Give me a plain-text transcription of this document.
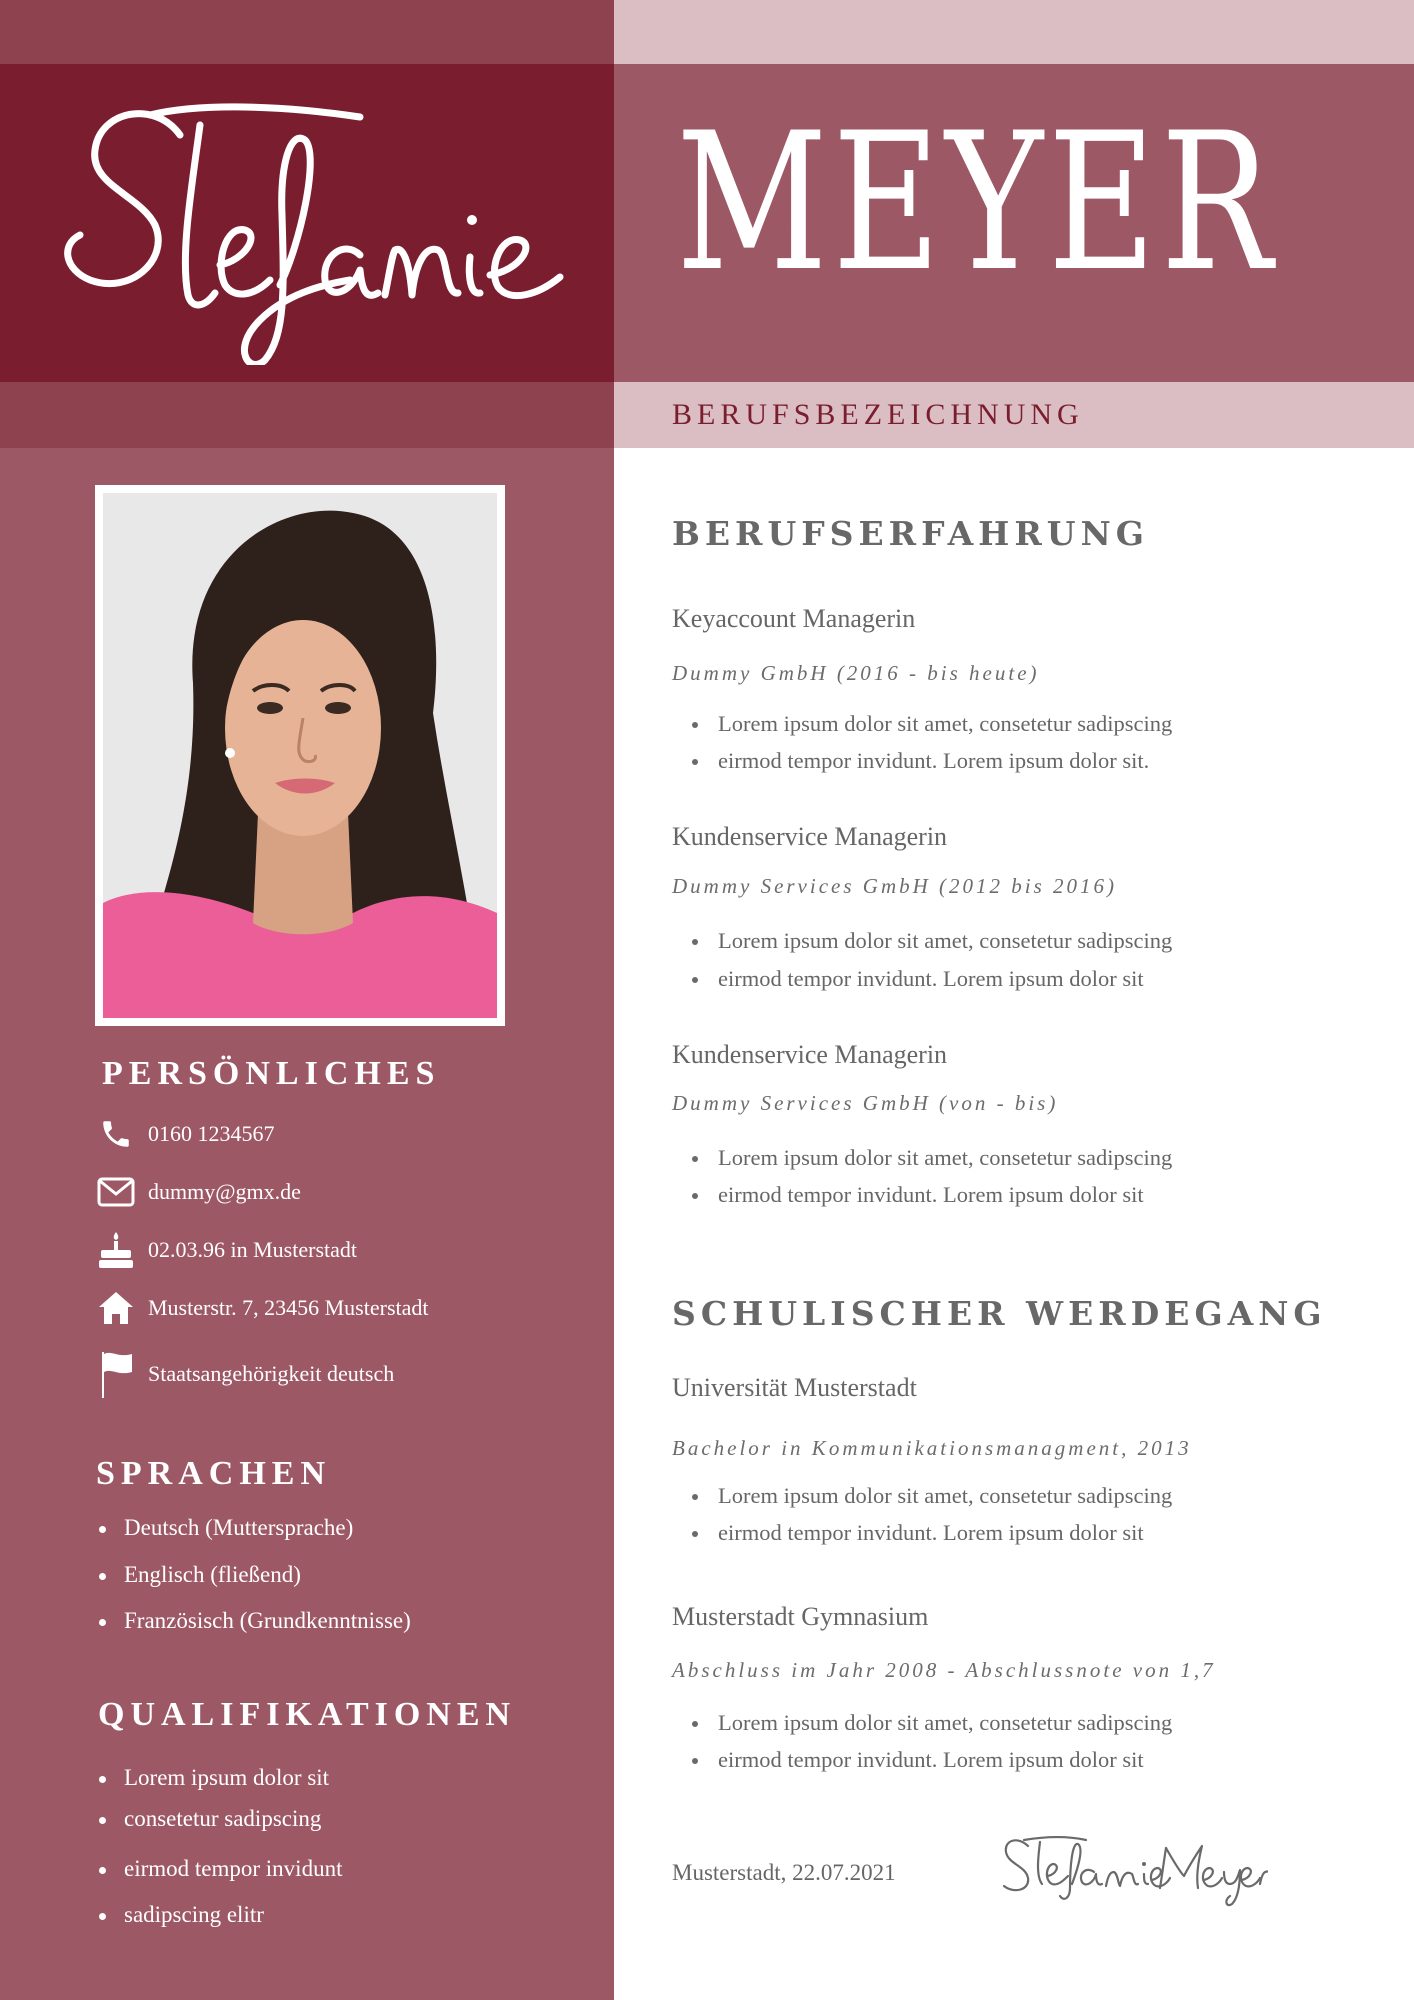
MEYER
BERUFSBEZEICHNUNG
PERSÖNLICHES
0160 1234567
dummy@gmx.de
02.03.96 in Musterstadt
Musterstr. 7, 23456 Musterstadt
Staatsangehörigkeit deutsch
SPRACHEN
Deutsch (Muttersprache)
Englisch (fließend)
Französisch (Grundkenntnisse)
QUALIFIKATIONEN
Lorem ipsum dolor sit
consetetur sadipscing
eirmod tempor invidunt
sadipscing elitr
BERUFSERFAHRUNG
Keyaccount Managerin
Dummy GmbH (2016 - bis heute)
Lorem ipsum dolor sit amet, consetetur sadipscing
eirmod tempor invidunt. Lorem ipsum dolor sit.
Kundenservice Managerin
Dummy Services GmbH (2012 bis 2016)
Lorem ipsum dolor sit amet, consetetur sadipscing
eirmod tempor invidunt. Lorem ipsum dolor sit
Kundenservice Managerin
Dummy Services GmbH (von - bis)
Lorem ipsum dolor sit amet, consetetur sadipscing
eirmod tempor invidunt. Lorem ipsum dolor sit
SCHULISCHER WERDEGANG
Universität Musterstadt
Bachelor in Kommunikationsmanagment, 2013
Lorem ipsum dolor sit amet, consetetur sadipscing
eirmod tempor invidunt. Lorem ipsum dolor sit
Musterstadt Gymnasium
Abschluss im Jahr 2008 - Abschlussnote von 1,7
Lorem ipsum dolor sit amet, consetetur sadipscing
eirmod tempor invidunt. Lorem ipsum dolor sit
Musterstadt, 22.07.2021
